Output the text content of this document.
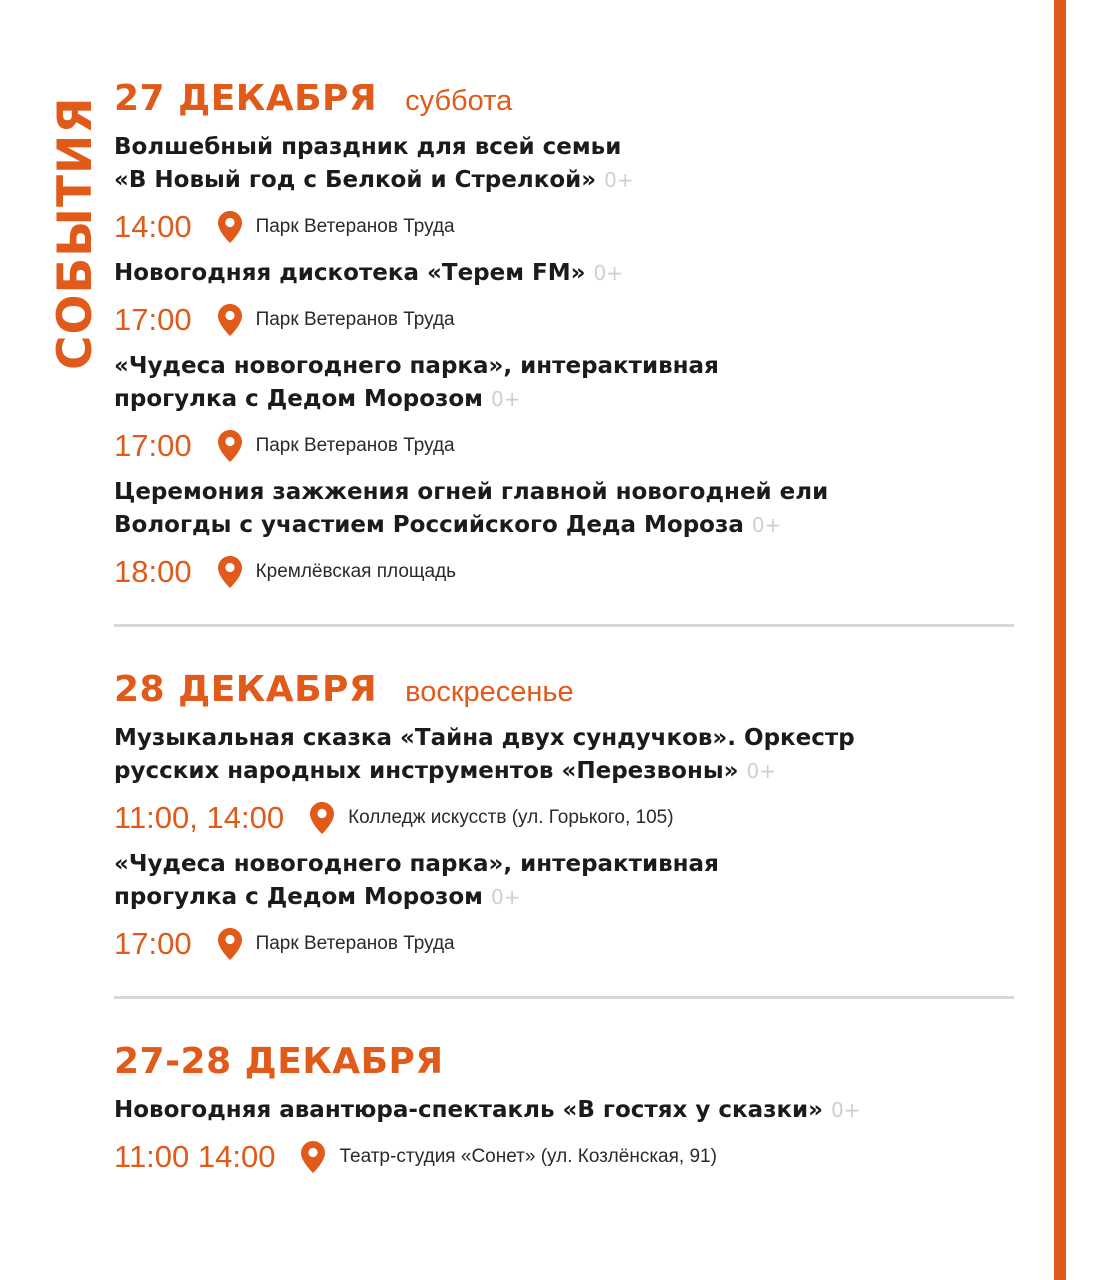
СОБЫТИЯ 27 ДЕКАБРЯ суббота
Волшебный праздник для всей семьи
«В Новый год с Белкой и Стрелкой» 0+
14:00	Парк Ветеранов Труда
Новогодняя дискотека «Терем FM» 0+
17:00	Парк Ветеранов Труда
«Чудеса новогоднего парка», интерактивная
прогулка с Дедом Морозом 0+
17:00	Парк Ветеранов Труда
Церемония зажжения огней главной новогодней ели
Вологды с участием Российского Деда Мороза 0+
18:00	Кремлёвская площадь
28 ДЕКАБРЯ воскресенье
Музыкальная сказка «Тайна двух сундучков». Оркестр
русских народных инструментов «Перезвоны» 0+
11:00, 14:00	Колледж искусств (ул. Горького, 105)
«Чудеса новогоднего парка», интерактивная
прогулка с Дедом Морозом 0+
17:00	Парк Ветеранов Труда
27-28 ДЕКАБРЯ
Новогодняя авантюра-спектакль «В гостях у сказки» 0+
11:00 14:00	Театр-студия «Сонет» (ул. Козлёнская, 91)
